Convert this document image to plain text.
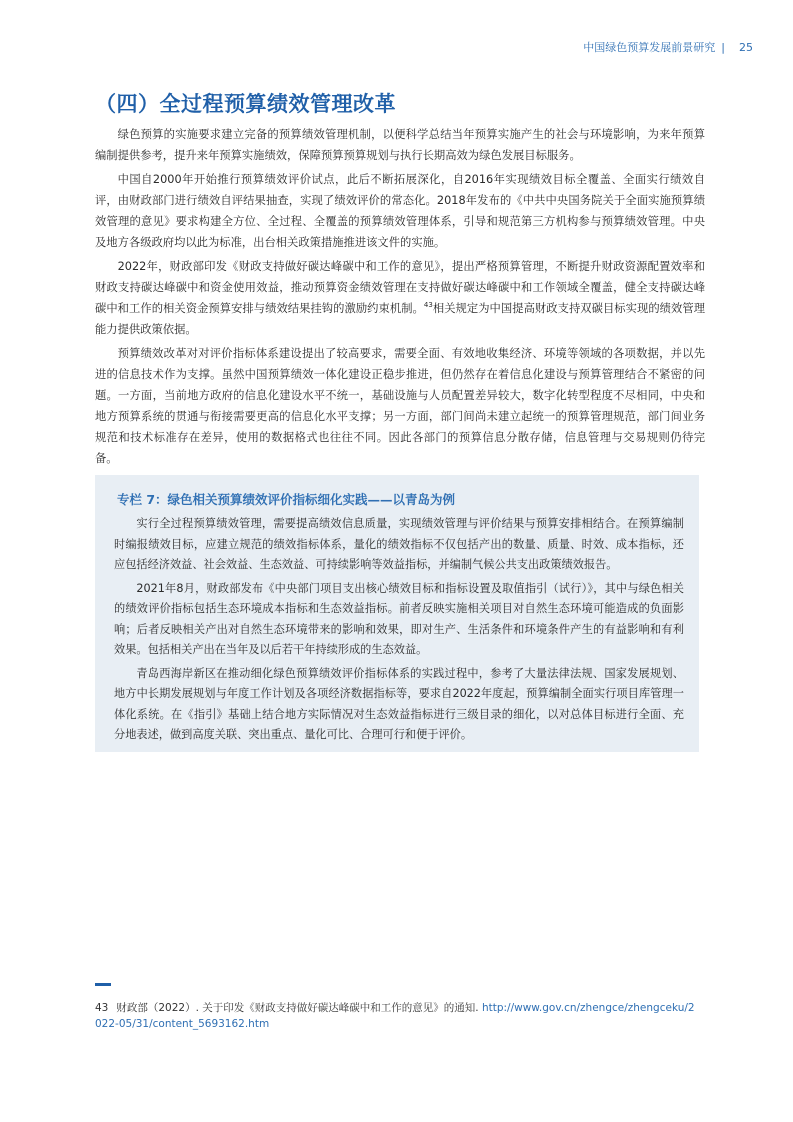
中国绿色预算发展前景研究 | 25
（四）全过程预算绩效管理改革

绿色预算的实施要求建立完备的预算绩效管理机制，以便科学总结当年预算实施产生的社会与环境影响，为来年预算编制提供参考，提升来年预算实施绩效，保障预算预算规划与执行长期高效为绿色发展目标服务。

中国自2000年开始推行预算绩效评价试点，此后不断拓展深化，自2016年实现绩效目标全覆盖、全面实行绩效自评，由财政部门进行绩效自评结果抽查，实现了绩效评价的常态化。2018年发布的《中共中央国务院关于全面实施预算绩效管理的意见》要求构建全方位、全过程、全覆盖的预算绩效管理体系，引导和规范第三方机构参与预算绩效管理。中央及地方各级政府均以此为标准，出台相关政策措施推进该文件的实施。

2022年，财政部印发《财政支持做好碳达峰碳中和工作的意见》，提出严格预算管理，不断提升财政资源配置效率和财政支持碳达峰碳中和资金使用效益，推动预算资金绩效管理在支持做好碳达峰碳中和工作领域全覆盖，健全支持碳达峰碳中和工作的相关资金预算安排与绩效结果挂钩的激励约束机制。$^{43}$相关规定为中国提高财政支持双碳目标实现的绩效管理能力提供政策依据。

预算绩效改革对对评价指标体系建设提出了较高要求，需要全面、有效地收集经济、环境等领域的各项数据，并以先进的信息技术作为支撑。虽然中国预算绩效一体化建设正稳步推进，但仍然存在着信息化建设与预算管理结合不紧密的问题。一方面，当前地方政府的信息化建设水平不统一，基础设施与人员配置差异较大，数字化转型程度不尽相同，中央和地方预算系统的贯通与衔接需要更高的信息化水平支撑；另一方面，部门间尚未建立起统一的预算管理规范，部门间业务规范和技术标准存在差异，使用的数据格式也往往不同。因此各部门的预算信息分散存储，信息管理与交易规则仍待完备。

专栏 7：绿色相关预算绩效评价指标细化实践——以青岛为例

实行全过程预算绩效管理，需要提高绩效信息质量，实现绩效管理与评价结果与预算安排相结合。在预算编制时编报绩效目标，应建立规范的绩效指标体系，量化的绩效指标不仅包括产出的数量、质量、时效、成本指标，还应包括经济效益、社会效益、生态效益、可持续影响等效益指标，并编制气候公共支出政策绩效报告。

2021年8月，财政部发布《中央部门项目支出核心绩效目标和指标设置及取值指引（试行）》，其中与绿色相关的绩效评价指标包括生态环境成本指标和生态效益指标。前者反映实施相关项目对自然生态环境可能造成的负面影响；后者反映相关产出对自然生态环境带来的影响和效果，即对生产、生活条件和环境条件产生的有益影响和有利效果。包括相关产出在当年及以后若干年持续形成的生态效益。

青岛西海岸新区在推动细化绿色预算绩效评价指标体系的实践过程中，参考了大量法律法规、国家发展规划、地方中长期发展规划与年度工作计划及各项经济数据指标等，要求自2022年度起，预算编制全面实行项目库管理一体化系统。在《指引》基础上结合地方实际情况对生态效益指标进行三级目录的细化，以对总体目标进行全面、充分地表述，做到高度关联、突出重点、量化可比、合理可行和便于评价。

43 财政部（2022）. 关于印发《财政支持做好碳达峰碳中和工作的意见》的通知. http://www.gov.cn/zhengce/zhengceku/2022-05/31/content_5693162.htm
